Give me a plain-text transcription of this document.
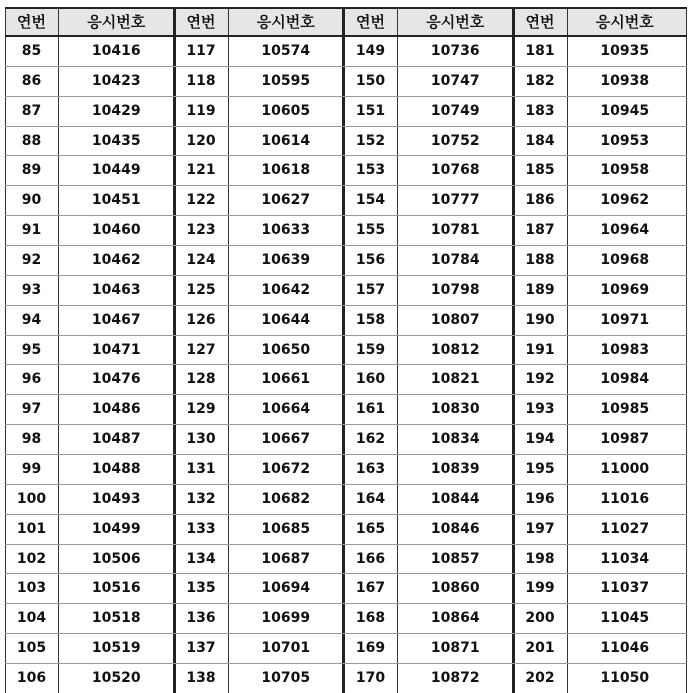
연번	응시번호
85	10416
86	10423
87	10429
88	10435
89	10449
90	10451
91	10460
92	10462
93	10463
94	10467
95	10471
96	10476
97	10486
98	10487
99	10488
100	10493
101	10499
102	10506
103	10516
104	10518
105	10519
106	10520
연번	응시번호
117	10574
118	10595
119	10605
120	10614
121	10618
122	10627
123	10633
124	10639
125	10642
126	10644
127	10650
128	10661
129	10664
130	10667
131	10672
132	10682
133	10685
134	10687
135	10694
136	10699
137	10701
138	10705
연번	응시번호
149	10736
150	10747
151	10749
152	10752
153	10768
154	10777
155	10781
156	10784
157	10798
158	10807
159	10812
160	10821
161	10830
162	10834
163	10839
164	10844
165	10846
166	10857
167	10860
168	10864
169	10871
170	10872
연번	응시번호
181	10935
182	10938
183	10945
184	10953
185	10958
186	10962
187	10964
188	10968
189	10969
190	10971
191	10983
192	10984
193	10985
194	10987
195	11000
196	11016
197	11027
198	11034
199	11037
200	11045
201	11046
202	11050
